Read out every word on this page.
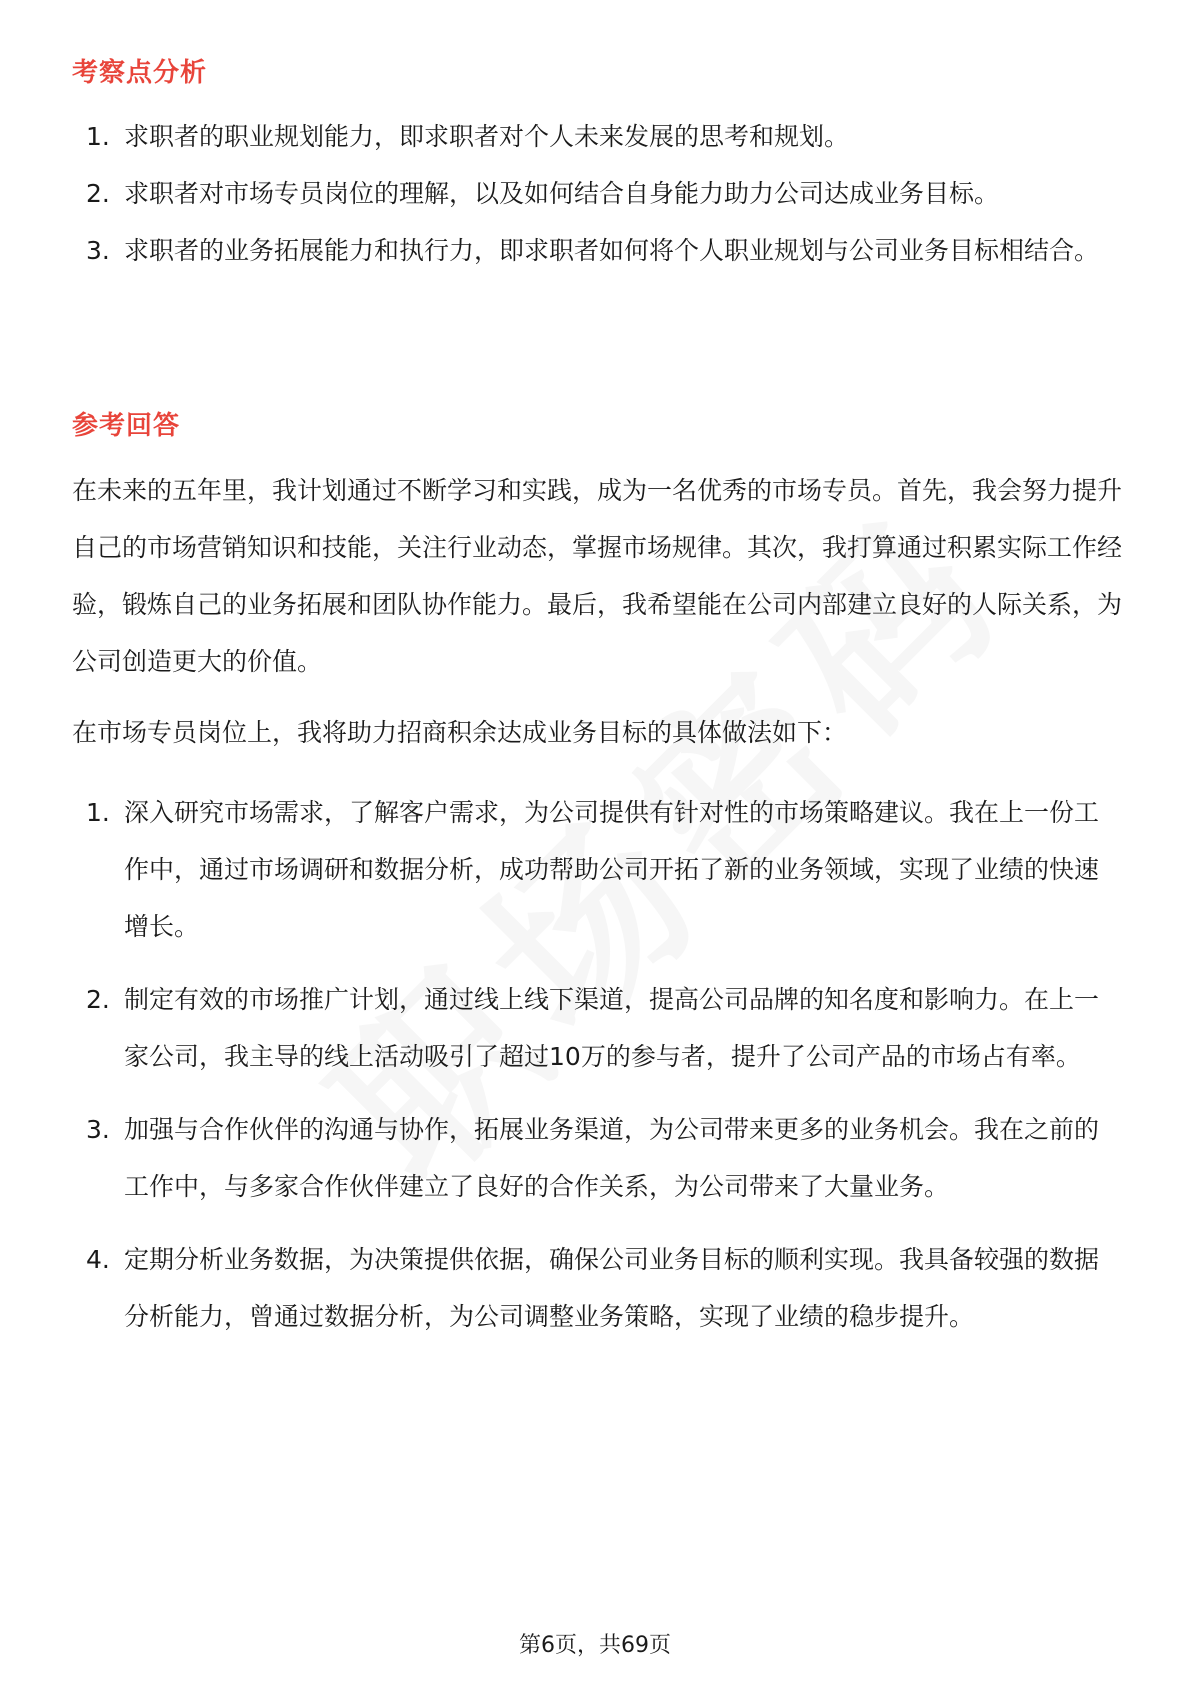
考察点分析
1. 求职者的职业规划能力，即求职者对个人未来发展的思考和规划。
2. 求职者对市场专员岗位的理解，以及如何结合自身能力助力公司达成业务目标。
3. 求职者的业务拓展能力和执行力，即求职者如何将个人职业规划与公司业务目标相结合。
参考回答

在未来的五年里，我计划通过不断学习和实践，成为一名优秀的市场专员。首先，我会努力提升自己的市场营销知识和技能，关注行业动态，掌握市场规律。其次，我打算通过积累实际工作经验，锻炼自己的业务拓展和团队协作能力。最后，我希望能在公司内部建立良好的人际关系，为公司创造更大的价值。

在市场专员岗位上，我将助力招商积余达成业务目标的具体做法如下：

1. 深入研究市场需求，了解客户需求，为公司提供有针对性的市场策略建议。我在上一份工作中，通过市场调研和数据分析，成功帮助公司开拓了新的业务领域，实现了业绩的快速增长。
2. 制定有效的市场推广计划，通过线上线下渠道，提高公司品牌的知名度和影响力。在上一家公司，我主导的线上活动吸引了超过10万的参与者，提升了公司产品的市场占有率。
3. 加强与合作伙伴的沟通与协作，拓展业务渠道，为公司带来更多的业务机会。我在之前的工作中，与多家合作伙伴建立了良好的合作关系，为公司带来了大量业务。
4. 定期分析业务数据，为决策提供依据，确保公司业务目标的顺利实现。我具备较强的数据分析能力，曾通过数据分析，为公司调整业务策略，实现了业绩的稳步提升。
第6页，共69页
